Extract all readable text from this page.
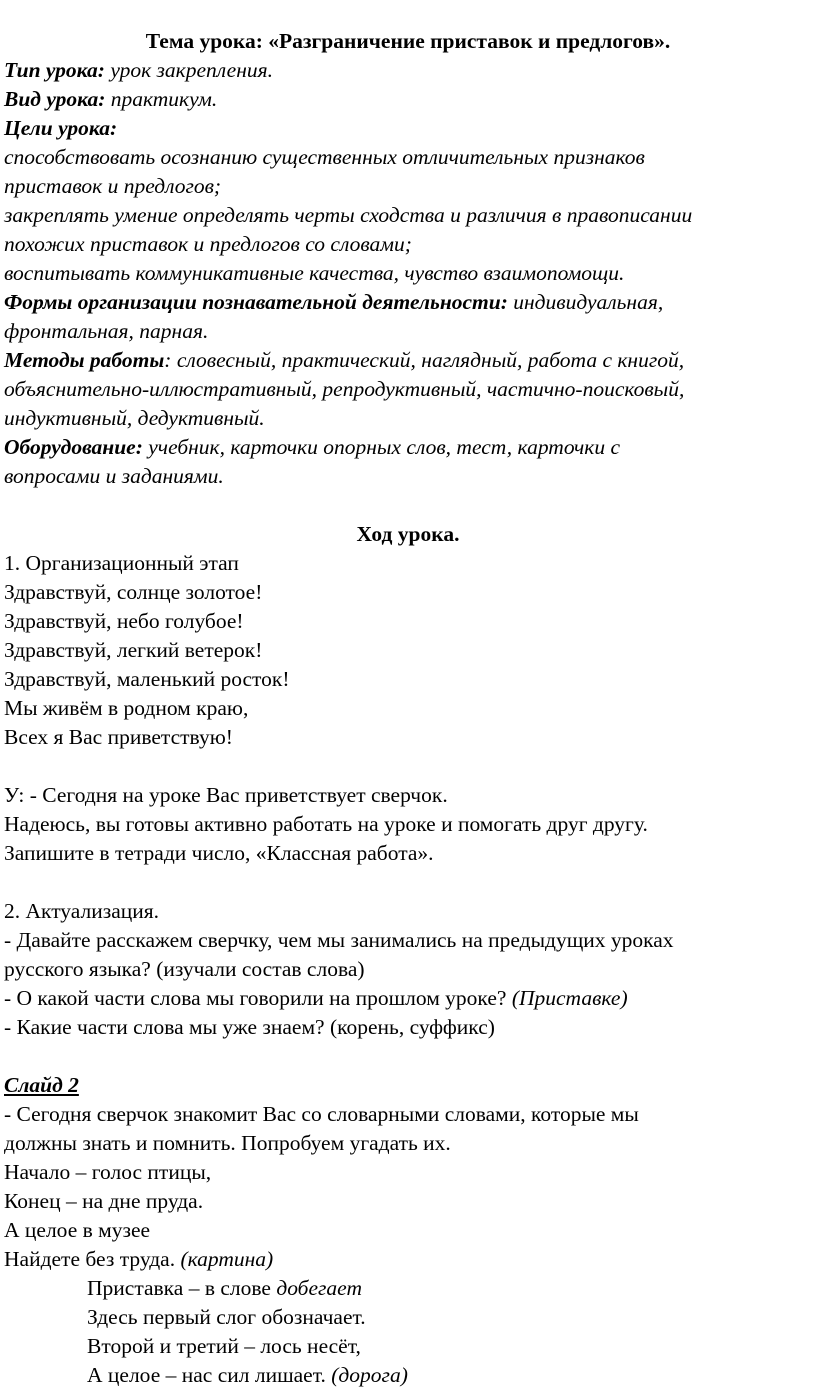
Тема урока: «Разграничение приставок и предлогов».

Тип урока: урок закрепления.

Вид урока: практикум.

Цели урока:

способствовать осознанию существенных отличительных признаков

приставок и предлогов;

закреплять умение определять черты сходства и различия в правописании

похожих приставок и предлогов со словами;

воспитывать коммуникативные качества, чувство взаимопомощи.

Формы организации познавательной деятельности: индивидуальная,

фронтальная, парная.

Методы работы: словесный, практический, наглядный, работа с книгой,

объяснительно-иллюстративный, репродуктивный, частично-поисковый,

индуктивный, дедуктивный.

Оборудование: учебник, карточки опорных слов, тест, карточки с

вопросами и заданиями.

Ход урока.

1. Организационный этап

Здравствуй, солнце золотое!

Здравствуй, небо голубое!

Здравствуй, легкий ветерок!

Здравствуй, маленький росток!

Мы живём в родном краю,

Всех я Вас приветствую!

У: - Сегодня на уроке Вас приветствует сверчок.

Надеюсь, вы готовы активно работать на уроке и помогать друг другу.

Запишите в тетради число, «Классная работа».

2. Актуализация.

- Давайте расскажем сверчку, чем мы занимались на предыдущих уроках

русского языка? (изучали состав слова)

- О какой части слова мы говорили на прошлом уроке? (Приставке)

- Какие части слова мы уже знаем? (корень, суффикс)

Слайд 2

- Сегодня сверчок знакомит Вас со словарными словами, которые мы

должны знать и помнить. Попробуем угадать их.

Начало – голос птицы,

Конец – на дне пруда.

А целое в музее

Найдете без труда. (картина)

Приставка – в слове добегает

Здесь первый слог обозначает.

Второй и третий – лось несёт,

А целое – нас сил лишает. (дорога)
